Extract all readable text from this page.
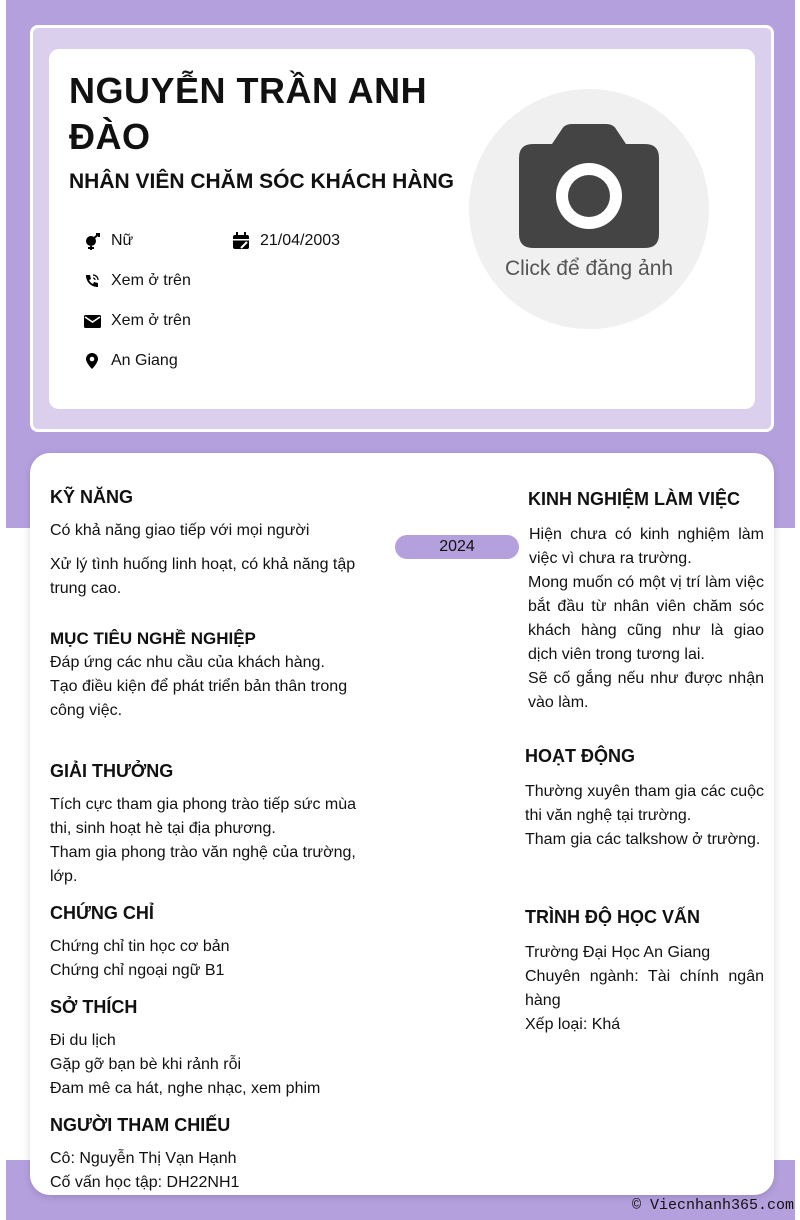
NGUYỄN TRẦN ANH ĐÀO
NHÂN VIÊN CHĂM SÓC KHÁCH HÀNG
Nữ	21/04/2003
Xem ở trên
Xem ở trên
An Giang
Click để đăng ảnh
KỸ NĂNG

Có khả năng giao tiếp với mọi người

Xử lý tình huống linh hoạt, có khả năng tập trung cao.

MỤC TIÊU NGHỀ NGHIỆP

Đáp ứng các nhu cầu của khách hàng.

Tạo điều kiện để phát triển bản thân trong công việc.

GIẢI THƯỞNG

Tích cực tham gia phong trào tiếp sức mùa thi, sinh hoạt hè tại địa phương.

Tham gia phong trào văn nghệ của trường, lớp.

CHỨNG CHỈ

Chứng chỉ tin học cơ bản

Chứng chỉ ngoại ngữ B1

SỞ THÍCH

Đi du lịch

Gặp gỡ bạn bè khi rảnh rỗi

Đam mê ca hát, nghe nhạc, xem phim

NGƯỜI THAM CHIẾU

Cô: Nguyễn Thị Vạn Hạnh

Cố vấn học tập: DH22NH1

2024
KINH NGHIỆM LÀM VIỆC

Hiện chưa có kinh nghiệm làm việc vì chưa ra trường.

Mong muốn có một vị trí làm việc bắt đầu từ nhân viên chăm sóc khách hàng cũng như là giao dịch viên trong tương lai.

Sẽ cố gắng nếu như được nhận vào làm.

HOẠT ĐỘNG

Thường xuyên tham gia các cuộc thi văn nghệ tại trường.

Tham gia các talkshow ở trường.

TRÌNH ĐỘ HỌC VẤN

Trường Đại Học An Giang

Chuyên ngành: Tài chính ngân hàng

Xếp loại: Khá

© Viecnhanh365.com
